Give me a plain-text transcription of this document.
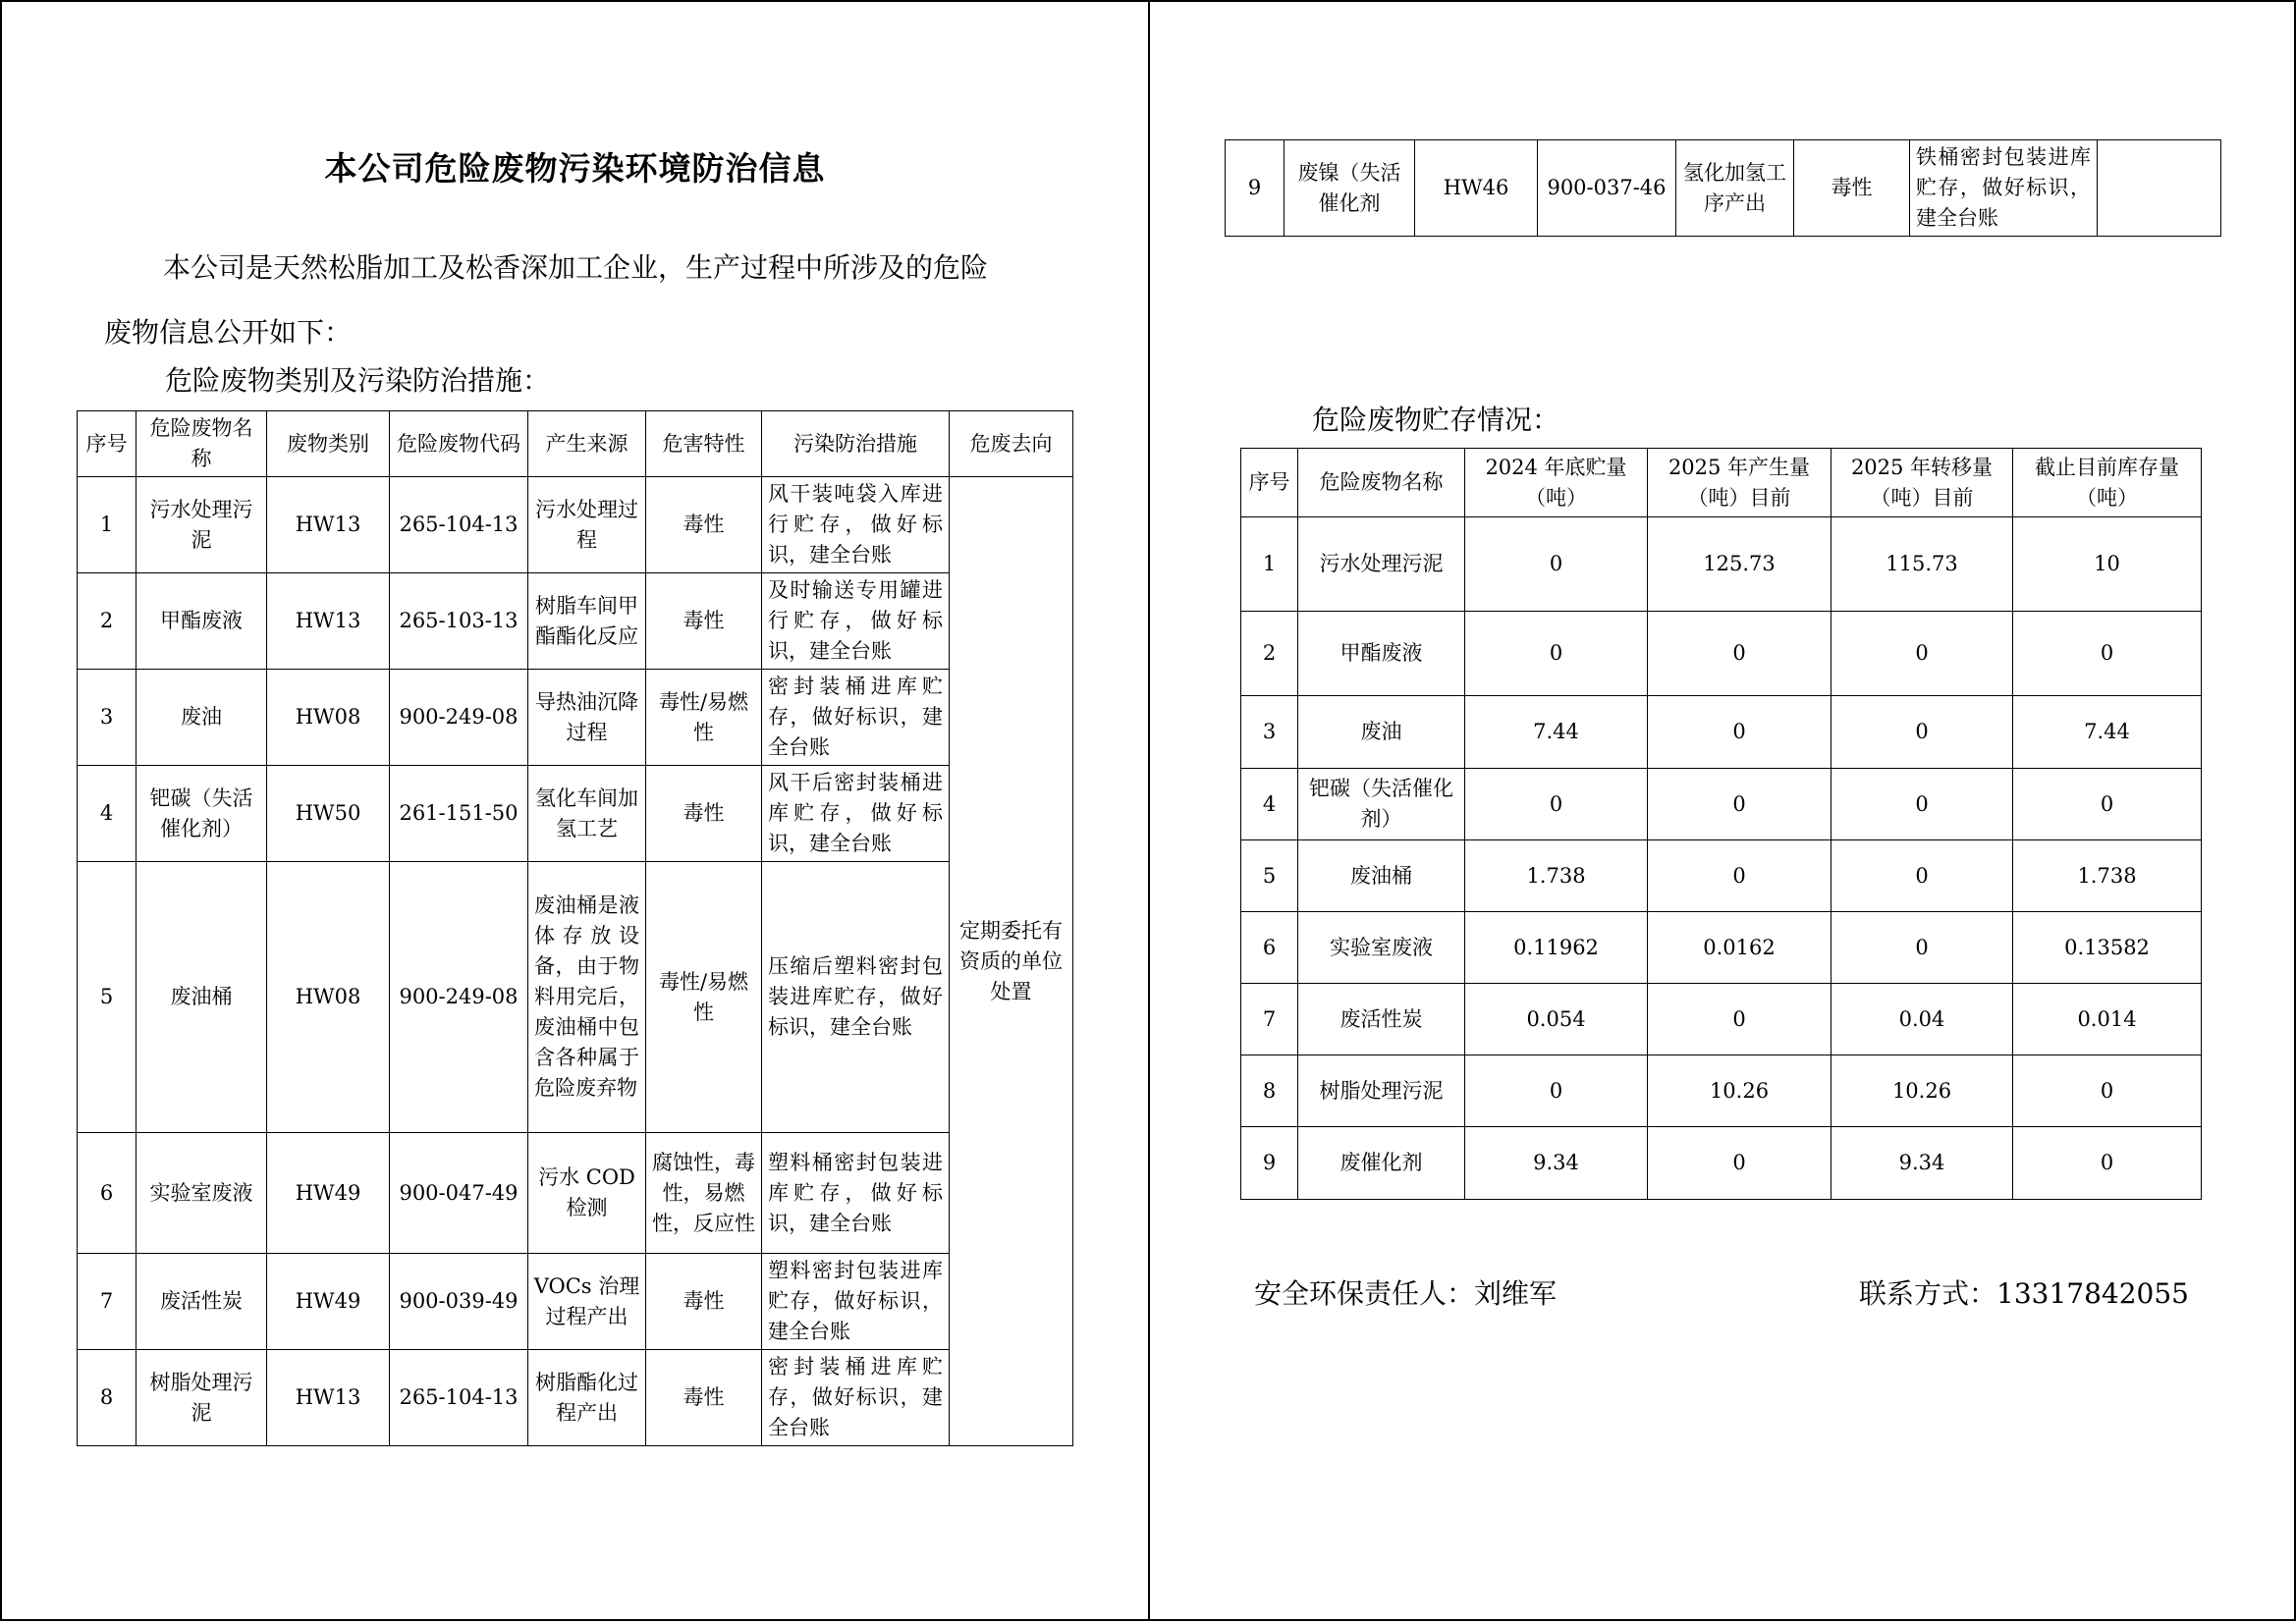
本公司危险废物污染环境防治信息

本公司是天然松脂加工及松香深加工企业，生产过程中所涉及的危险

废物信息公开如下：

危险废物类别及污染防治措施：
序号	危险废物名称	废物类别	危险废物代码	产生来源	危害特性	污染防治措施	危废去向
1	污水处理污泥	HW13	265-104-13	污水处理过程	毒性	风干装吨袋入库进行贮存，做好标识，建全台账	定期委托有资质的单位处置
2	甲酯废液	HW13	265-103-13	树脂车间甲酯酯化反应	毒性	及时输送专用罐进行贮存，做好标识，建全台账	
3	废油	HW08	900-249-08	导热油沉降过程	毒性/易燃性	密封装桶进库贮存，做好标识，建全台账	
4	钯碳（失活催化剂）	HW50	261-151-50	氢化车间加氢工艺	毒性	风干后密封装桶进库贮存，做好标识，建全台账	
5	废油桶	HW08	900-249-08	废油桶是液体存放设备，由于物料用完后，废油桶中包含各种属于危险废弃物	毒性/易燃性	压缩后塑料密封包装进库贮存，做好标识，建全台账	
6	实验室废液	HW49	900-047-49	污水 COD 检测	腐蚀性，毒性，易燃性，反应性	塑料桶密封包装进库贮存，做好标识，建全台账	
7	废活性炭	HW49	900-039-49	VOCs 治理过程产出	毒性	塑料密封包装进库贮存，做好标识，建全台账	
8	树脂处理污泥	HW13	265-104-13	树脂酯化过程产出	毒性	密封装桶进库贮存，做好标识，建全台账	
9	废镍（失活催化剂	HW46	900-037-46	氢化加氢工序产出	毒性	铁桶密封包装进库贮存，做好标识，建全台账	
危险废物贮存情况：
序号	危险废物名称	2024 年底贮量（吨）	2025 年产生量（吨）目前	2025 年转移量（吨）目前	截止目前库存量（吨）
1	污水处理污泥	0	125.73	115.73	10
2	甲酯废液	0	0	0	0
3	废油	7.44	0	0	7.44
4	钯碳（失活催化剂）	0	0	0	0
5	废油桶	1.738	0	0	1.738
6	实验室废液	0.11962	0.0162	0	0.13582
7	废活性炭	0.054	0	0.04	0.014
8	树脂处理污泥	0	10.26	10.26	0
9	废催化剂	9.34	0	9.34	0
安全环保责任人：刘维军	联系方式：13317842055
